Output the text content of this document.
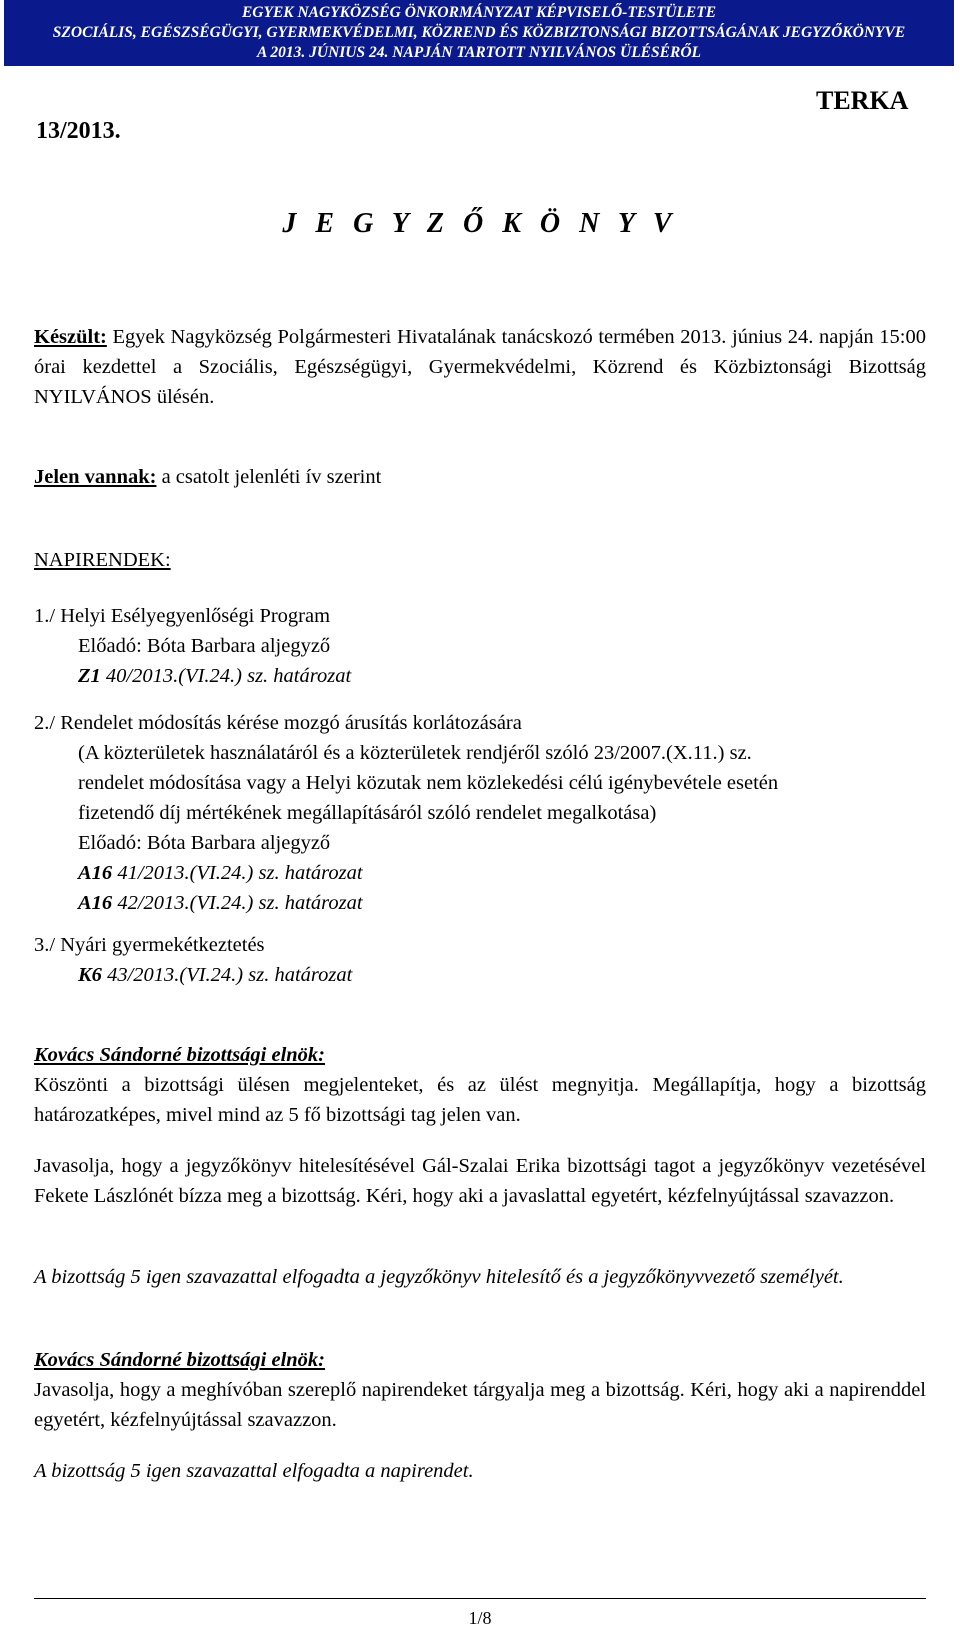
EGYEK NAGYKÖZSÉG ÖNKORMÁNYZAT KÉPVISELŐ-TESTÜLETE
SZOCIÁLIS, EGÉSZSÉGÜGYI, GYERMEKVÉDELMI, KÖZREND ÉS KÖZBIZTONSÁGI BIZOTTSÁGÁNAK JEGYZŐKÖNYVE
A 2013. JÚNIUS 24. NAPJÁN TARTOTT NYILVÁNOS ÜLÉSÉRŐL
TERKA
13/2013.
J E G Y Z Ő K Ö N Y V
Készült: Egyek Nagyközség Polgármesteri Hivatalának tanácskozó termében 2013. június 24. napján 15:00 órai kezdettel a Szociális, Egészségügyi, Gyermekvédelmi, Közrend és Közbiztonsági Bizottság NYILVÁNOS ülésén.
Jelen vannak: a csatolt jelenléti ív szerint
NAPIRENDEK:
1./ Helyi Esélyegyenlőségi Program
Előadó: Bóta Barbara aljegyző
Z1 40/2013.(VI.24.) sz. határozat
2./ Rendelet módosítás kérése mozgó árusítás korlátozására
(A közterületek használatáról és a közterületek rendjéről szóló 23/2007.(X.11.) sz.
rendelet módosítása vagy a Helyi közutak nem közlekedési célú igénybevétele esetén
fizetendő díj mértékének megállapításáról szóló rendelet megalkotása)
Előadó: Bóta Barbara aljegyző
A16 41/2013.(VI.24.) sz. határozat
A16 42/2013.(VI.24.) sz. határozat
3./ Nyári gyermekétkeztetés
K6 43/2013.(VI.24.) sz. határozat
Kovács Sándorné bizottsági elnök:
Köszönti a bizottsági ülésen megjelenteket, és az ülést megnyitja. Megállapítja, hogy a bizottság határozatképes, mivel mind az 5 fő bizottsági tag jelen van.
Javasolja, hogy a jegyzőkönyv hitelesítésével Gál-Szalai Erika bizottsági tagot a jegyzőkönyv vezetésével Fekete Lászlónét bízza meg a bizottság. Kéri, hogy aki a javaslattal egyetért, kézfelnyújtással szavazzon.
A bizottság 5 igen szavazattal elfogadta a jegyzőkönyv hitelesítő és a jegyzőkönyvvezető személyét.
Kovács Sándorné bizottsági elnök:
Javasolja, hogy a meghívóban szereplő napirendeket tárgyalja meg a bizottság. Kéri, hogy aki a napirenddel egyetért, kézfelnyújtással szavazzon.
A bizottság 5 igen szavazattal elfogadta a napirendet.
1/8
